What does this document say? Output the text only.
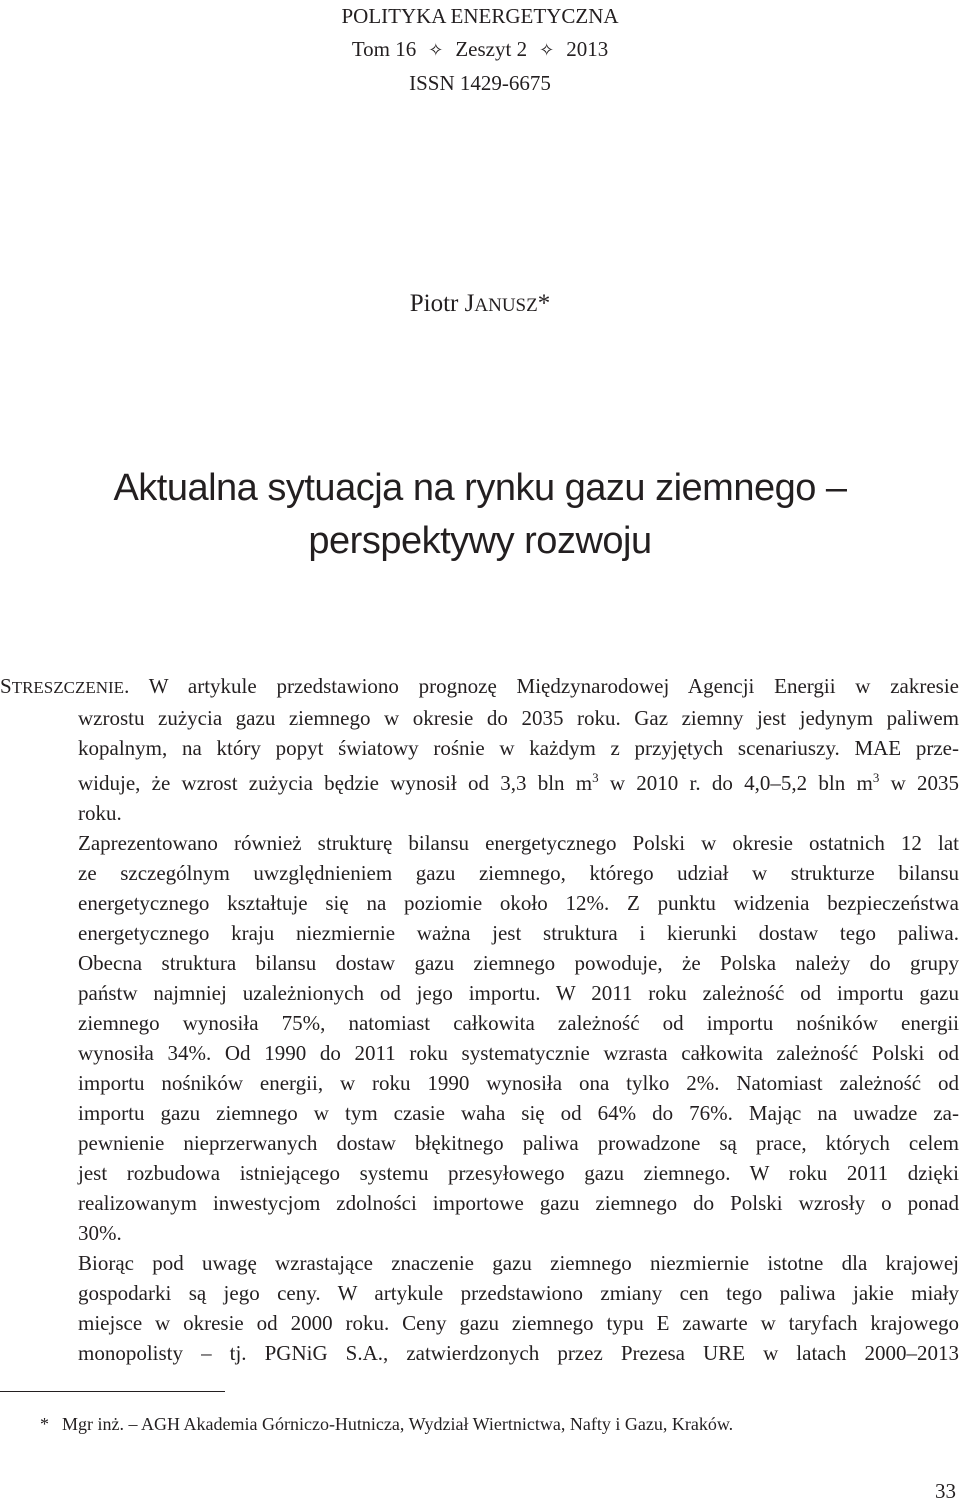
POLITYKA ENERGETYCZNA
Tom 16 ✧ Zeszyt 2 ✧ 2013
ISSN 1429-6675
Piotr JANUSZ*
Aktualna sytuacja na rynku gazu ziemnego –
perspektywy rozwoju

STRESZCZENIE. W artykule przedstawiono prognozę Międzynarodowej Agencji Energii w zakresie
wzrostu zużycia gazu ziemnego w okresie do 2035 roku. Gaz ziemny jest jedynym paliwem
kopalnym, na który popyt światowy rośnie w każdym z przyjętych scenariuszy. MAE prze-
widuje, że wzrost zużycia będzie wynosił od 3,3 bln $m^3$ w 2010 r. do 4,0–5,2 bln $m^3$ w 2035
roku.

Zaprezentowano również strukturę bilansu energetycznego Polski w okresie ostatnich 12 lat
ze szczególnym uwzględnieniem gazu ziemnego, którego udział w strukturze bilansu
energetycznego kształtuje się na poziomie około 12%. Z punktu widzenia bezpieczeństwa
energetycznego kraju niezmiernie ważna jest struktura i kierunki dostaw tego paliwa.
Obecna struktura bilansu dostaw gazu ziemnego powoduje, że Polska należy do grupy
państw najmniej uzależnionych od jego importu. W 2011 roku zależność od importu gazu
ziemnego wynosiła 75%, natomiast całkowita zależność od importu nośników energii
wynosiła 34%. Od 1990 do 2011 roku systematycznie wzrasta całkowita zależność Polski od
importu nośników energii, w roku 1990 wynosiła ona tylko 2%. Natomiast zależność od
importu gazu ziemnego w tym czasie waha się od 64% do 76%. Mając na uwadze za-
pewnienie nieprzerwanych dostaw błękitnego paliwa prowadzone są prace, których celem
jest rozbudowa istniejącego systemu przesyłowego gazu ziemnego. W roku 2011 dzięki
realizowanym inwestycjom zdolności importowe gazu ziemnego do Polski wzrosły o ponad
30%.

Biorąc pod uwagę wzrastające znaczenie gazu ziemnego niezmiernie istotne dla krajowej
gospodarki są jego ceny. W artykule przedstawiono zmiany cen tego paliwa jakie miały
miejsce w okresie od 2000 roku. Ceny gazu ziemnego typu E zawarte w taryfach krajowego
monopolisty – tj. PGNiG S.A., zatwierdzonych przez Prezesa URE w latach 2000–2013

* Mgr inż. – AGH Akademia Górniczo-Hutnicza, Wydział Wiertnictwa, Nafty i Gazu, Kraków.
33
